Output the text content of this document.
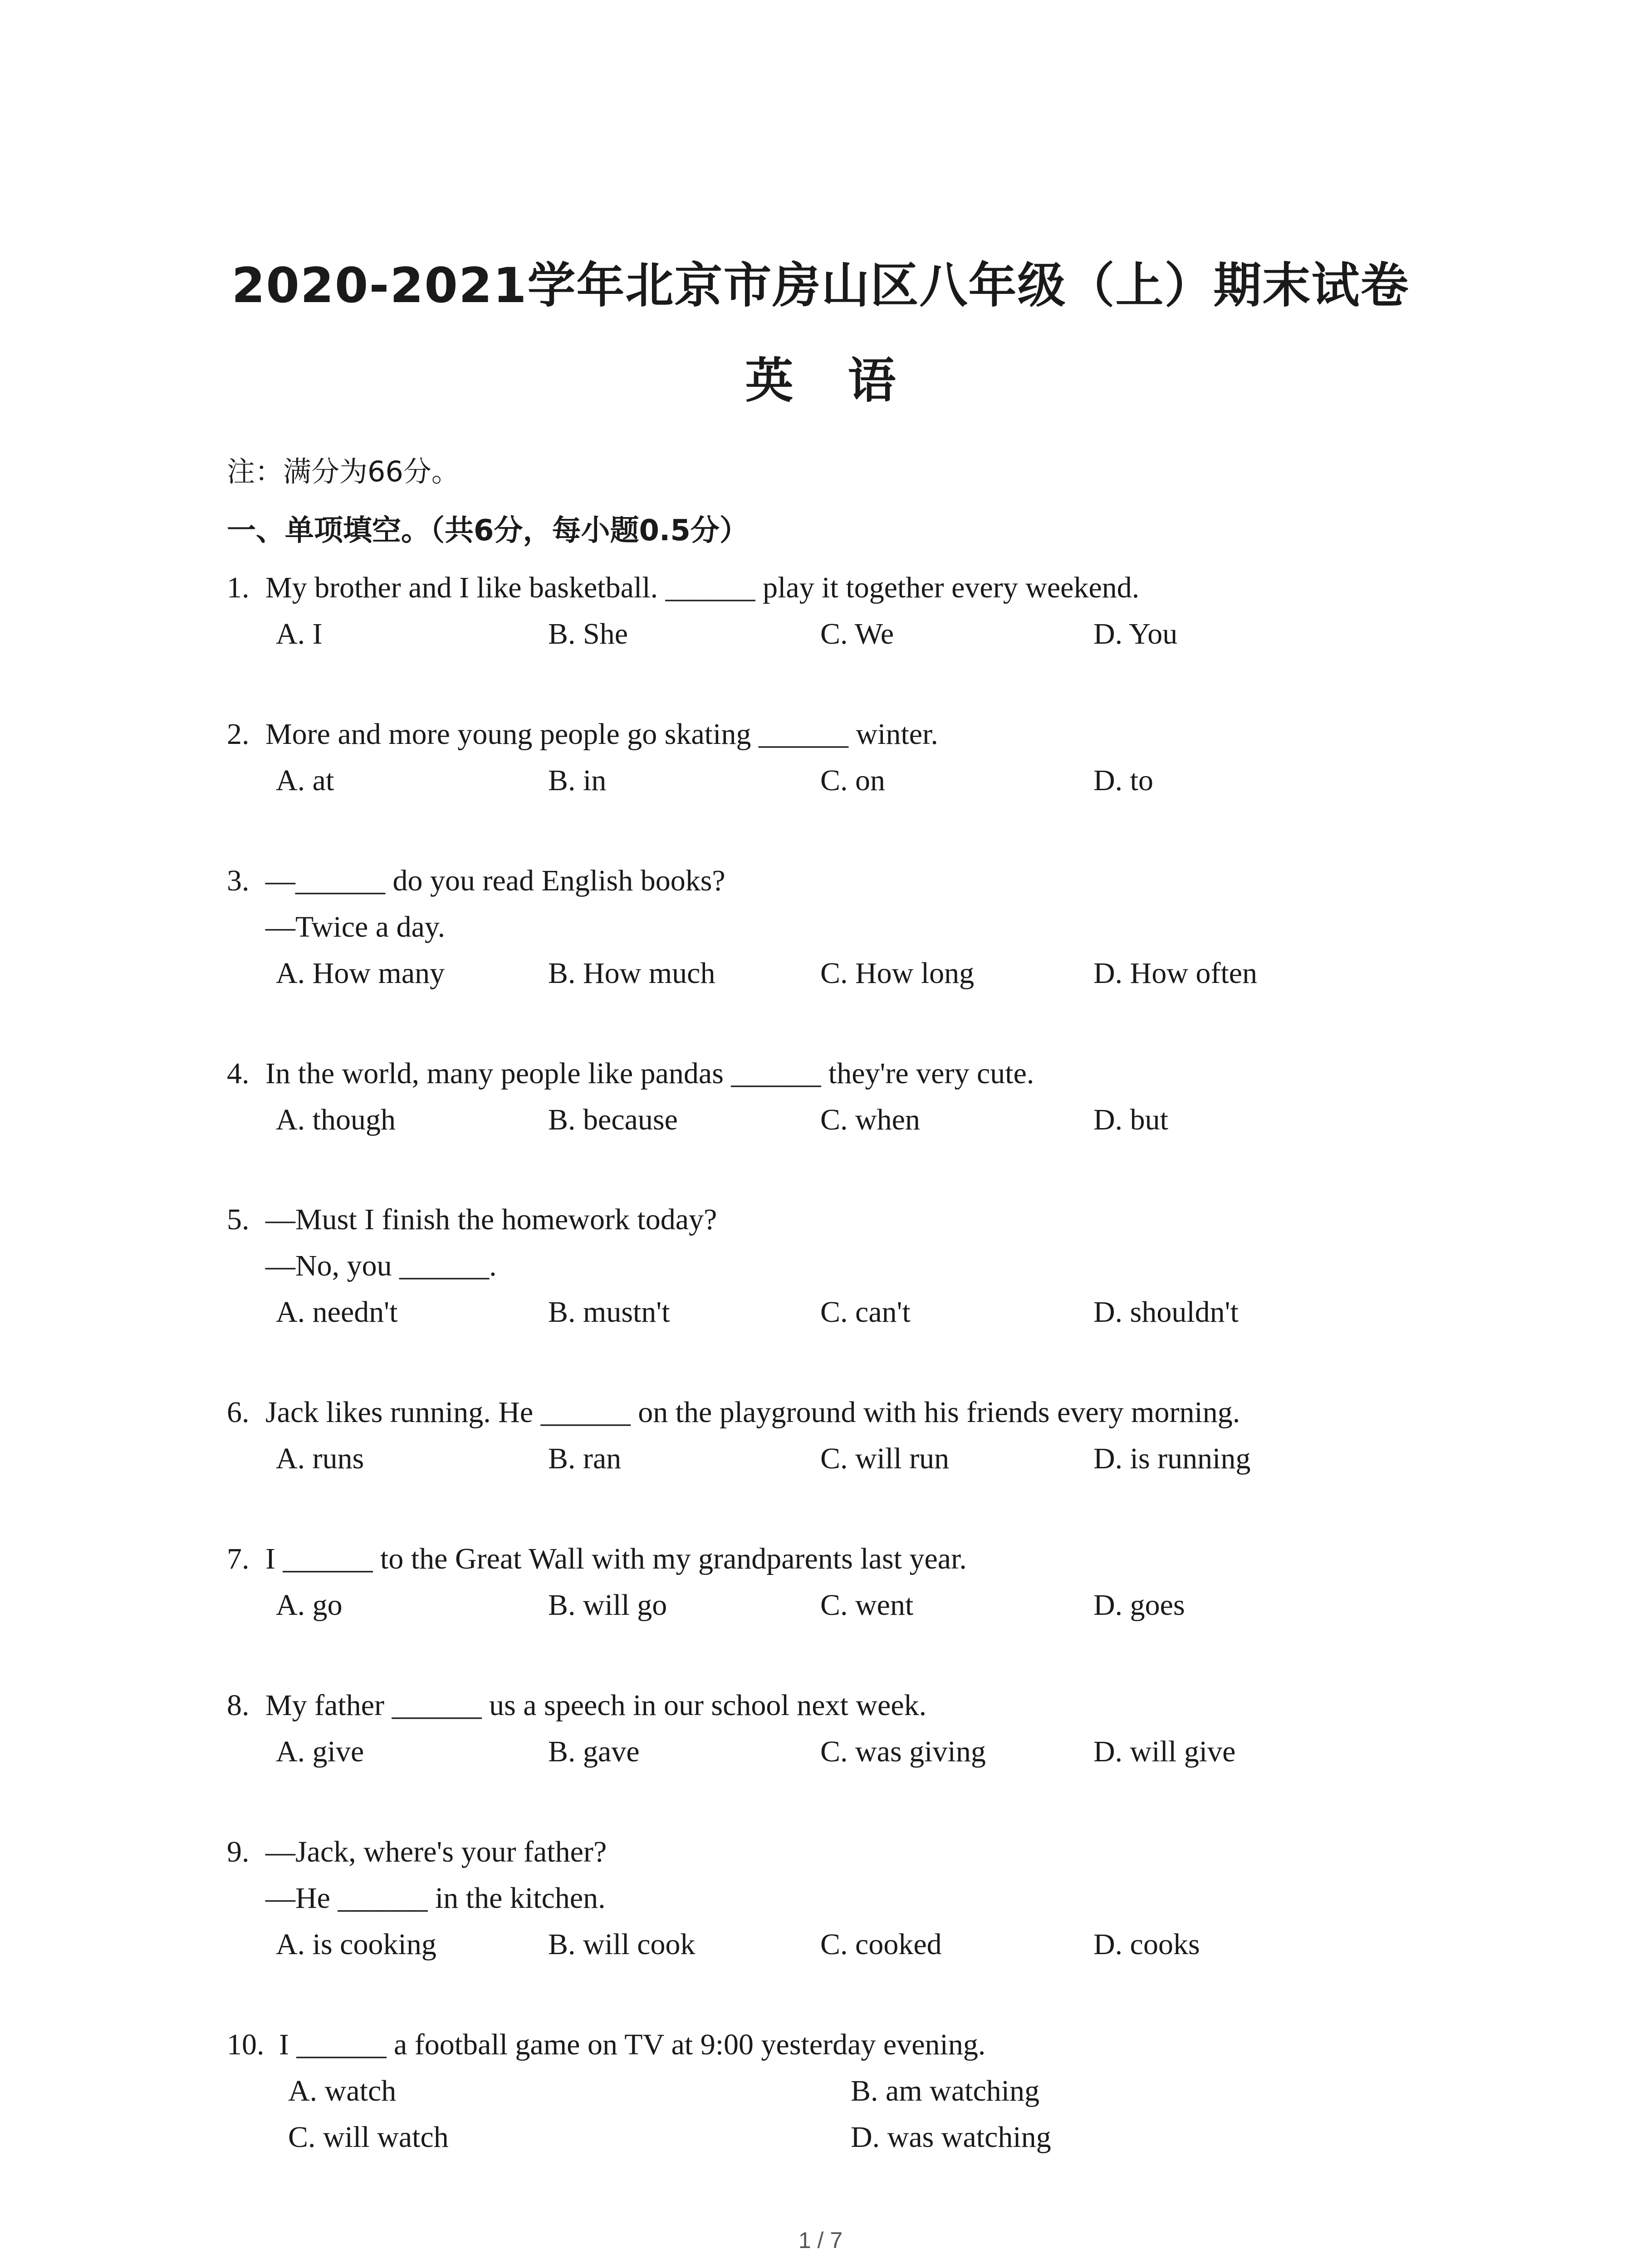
2020-2021学年北京市房山区八年级（上）期末试卷
英语
注：满分为66分。
一、单项填空。（共6分，每小题0.5分）
1. My brother and I like basketball. ______ play it together every weekend.
A. I	B. She	C. We	D. You
2. More and more young people go skating ______ winter.
A. at	B. in	C. on	D. to
3. —______ do you read English books?
—Twice a day.
A. How many	B. How much	C. How long	D. How often
4. In the world, many people like pandas ______ they're very cute.
A. though	B. because	C. when	D. but
5. —Must I finish the homework today?
—No, you ______.
A. needn't	B. mustn't	C. can't	D. shouldn't
6. Jack likes running. He ______ on the playground with his friends every morning.
A. runs	B. ran	C. will run	D. is running
7. I ______ to the Great Wall with my grandparents last year.
A. go	B. will go	C. went	D. goes
8. My father ______ us a speech in our school next week.
A. give	B. gave	C. was giving	D. will give
9. —Jack, where's your father?
—He ______ in the kitchen.
A. is cooking	B. will cook	C. cooked	D. cooks
10. I ______ a football game on TV at 9:00 yesterday evening.
A. watch	B. am watching
C. will watch	D. was watching
1 / 7
